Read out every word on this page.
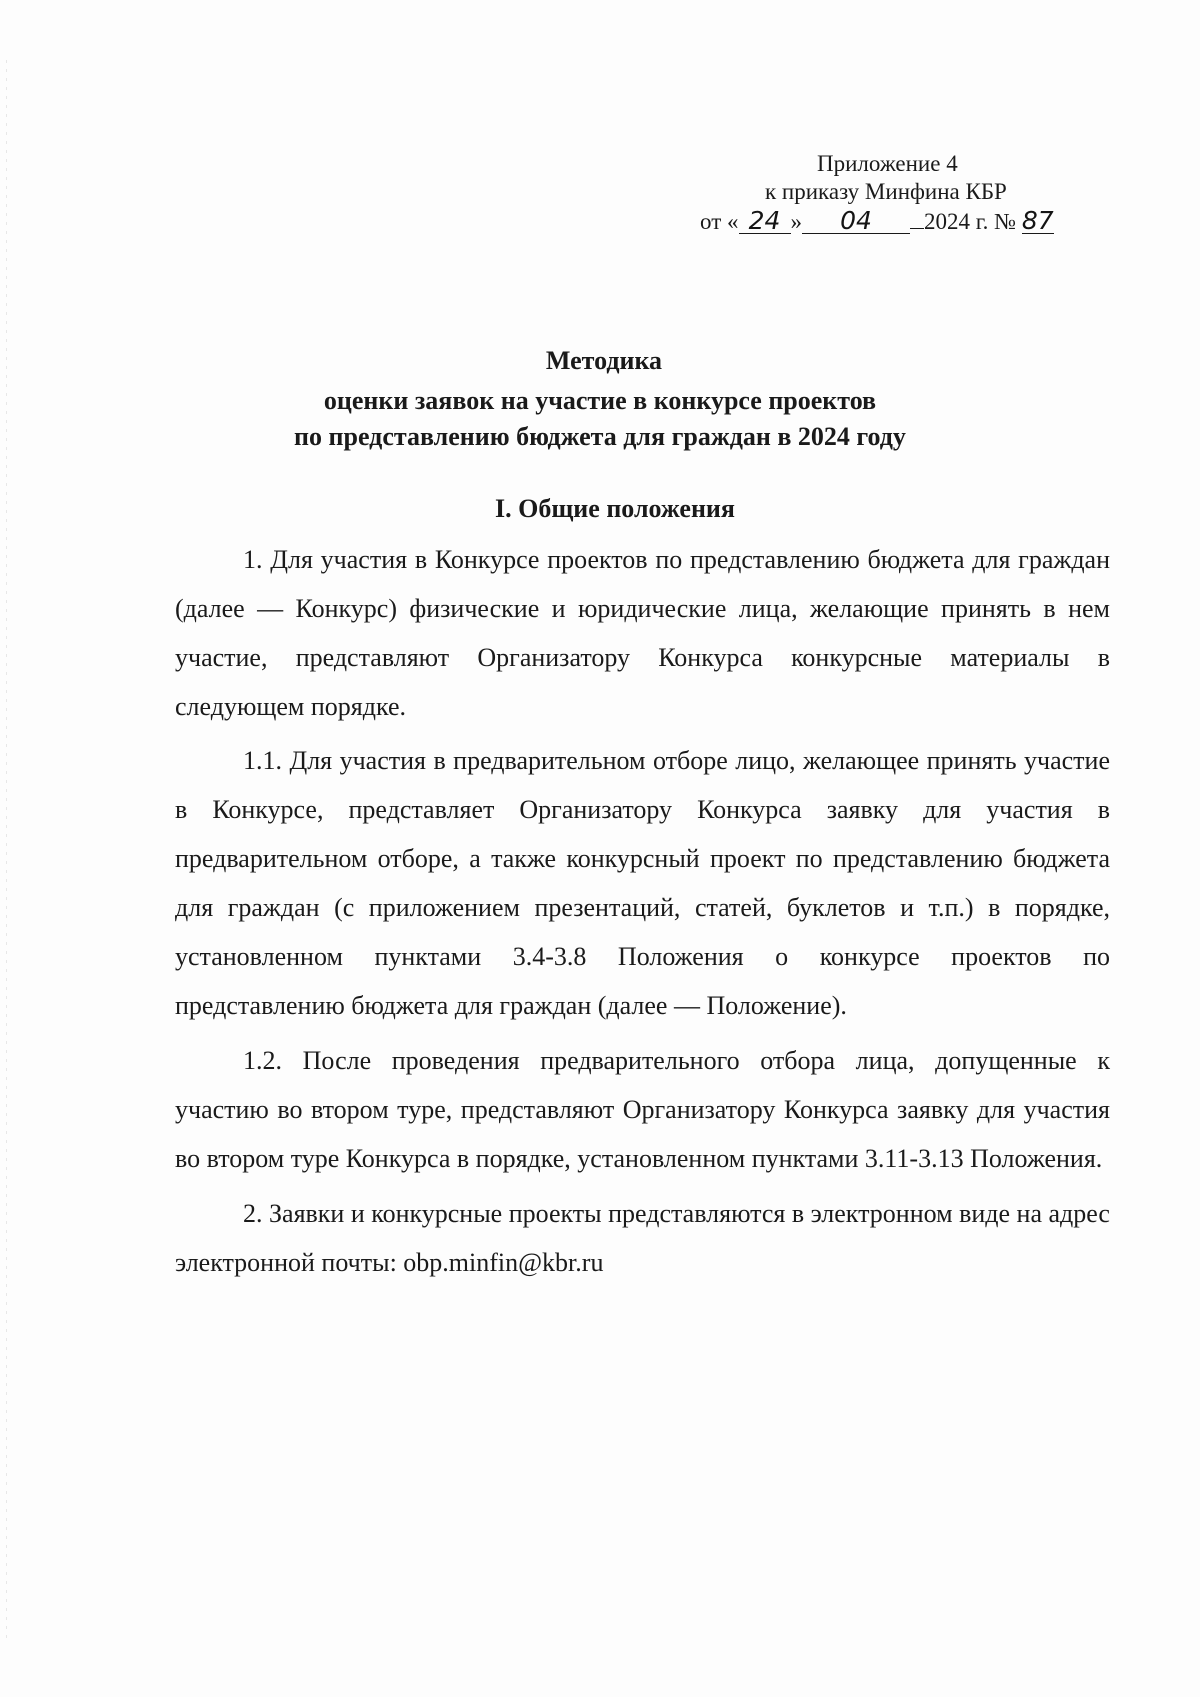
Приложение 4
к приказу Минфина КБР
от « 24 » 04 2024 г. № 87
Методика
оценки заявок на участие в конкурсе проектов
по представлению бюджета для граждан в 2024 году
I. Общие положения

1. Для участия в Конкурсе проектов по представлению бюджета для граждан (далее — Конкурс) физические и юридические лица, желающие принять в нем участие, представляют Организатору Конкурса конкурсные материалы в следующем порядке.

1.1. Для участия в предварительном отборе лицо, желающее принять участие в Конкурсе, представляет Организатору Конкурса заявку для участия в предварительном отборе, а также конкурсный проект по представлению бюджета для граждан (с приложением презентаций, статей, буклетов и т.п.) в порядке, установленном пунктами 3.4-3.8 Положения о конкурсе проектов по представлению бюджета для граждан (далее — Положение).

1.2. После проведения предварительного отбора лица, допущенные к участию во втором туре, представляют Организатору Конкурса заявку для участия во втором туре Конкурса в порядке, установленном пунктами 3.11-3.13 Положения.

2. Заявки и конкурсные проекты представляются в электронном виде на адрес электронной почты: obp.minfin@kbr.ru
